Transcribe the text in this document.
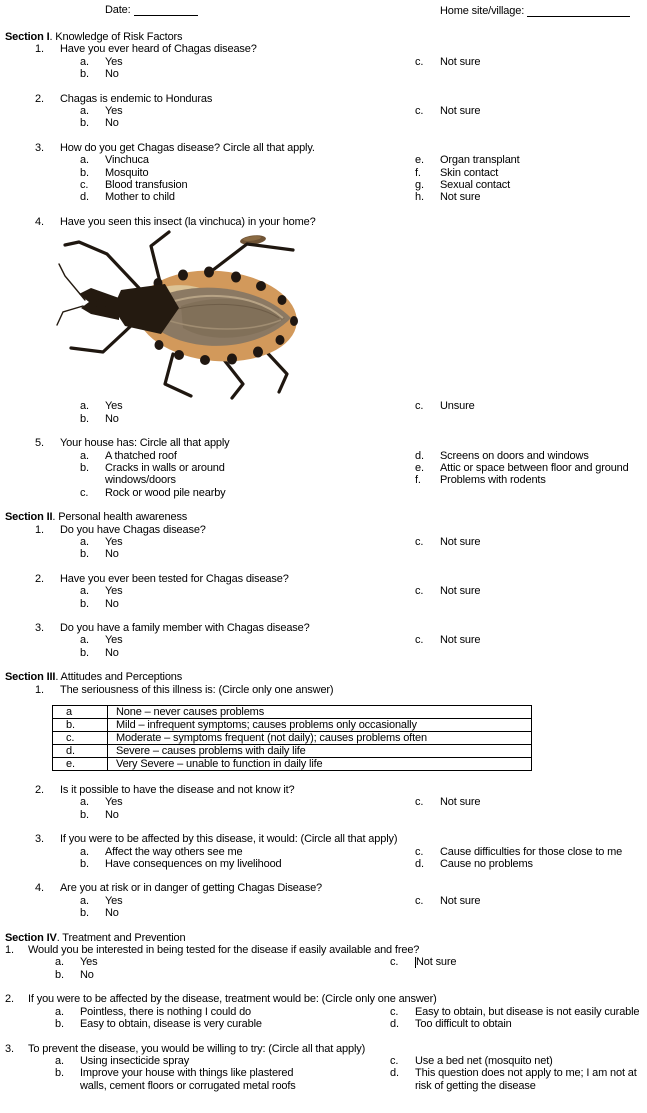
Date:	Home site/village:
Section I. Knowledge of Risk Factors
1.	Have you ever heard of Chagas disease?
a.	Yes
b.	No
c.	Not sure
2.	Chagas is endemic to Honduras
a.	Yes
b.	No
c.	Not sure
3.	How do you get Chagas disease? Circle all that apply.
a.	Vinchuca
b.	Mosquito
c.	Blood transfusion
d.	Mother to child
e.	Organ transplant
f.	Skin contact
g.	Sexual contact
h.	Not sure
4.	Have you seen this insect (la vinchuca) in your home?
a.	Yes
b.	No
c.	Unsure
5.	Your house has: Circle all that apply
a.	A thatched roof
b.	Cracks in walls or around windows/doors
c.	Rock or wood pile nearby
d.	Screens on doors and windows
e.	Attic or space between floor and ground
f.	Problems with rodents
Section II. Personal health awareness
1.	Do you have Chagas disease?
a.	Yes
b.	No
c.	Not sure
2.	Have you ever been tested for Chagas disease?
a.	Yes
b.	No
c.	Not sure
3.	Do you have a family member with Chagas disease?
a.	Yes
b.	No
c.	Not sure
Section III. Attitudes and Perceptions
1.	The seriousness of this illness is: (Circle only one answer)
a	None – never causes problems
b.	Mild – infrequent symptoms; causes problems only occasionally
c.	Moderate – symptoms frequent (not daily); causes problems often
d.	Severe – causes problems with daily life
e.	Very Severe – unable to function in daily life
2.	Is it possible to have the disease and not know it?
a.	Yes
b.	No
c.	Not sure
3.	If you were to be affected by this disease, it would: (Circle all that apply)
a.	Affect the way others see me
b.	Have consequences on my livelihood
c.	Cause difficulties for those close to me
d.	Cause no problems
4.	Are you at risk or in danger of getting Chagas Disease?
a.	Yes
b.	No
c.	Not sure
Section IV. Treatment and Prevention
1.	Would you be interested in being tested for the disease if easily available and free?
a.	Yes
b.	No
c.	Not sure
2.	If you were to be affected by the disease, treatment would be: (Circle only one answer)
a.	Pointless, there is nothing I could do
b.	Easy to obtain, disease is very curable
c.	Easy to obtain, but disease is not easily curable
d.	Too difficult to obtain
3.	To prevent the disease, you would be willing to try: (Circle all that apply)
a.	Using insecticide spray
b.	Improve your house with things like plastered walls, cement floors or corrugated metal roofs
c.	Use a bed net (mosquito net)
d.	This question does not apply to me; I am not at risk of getting the disease
